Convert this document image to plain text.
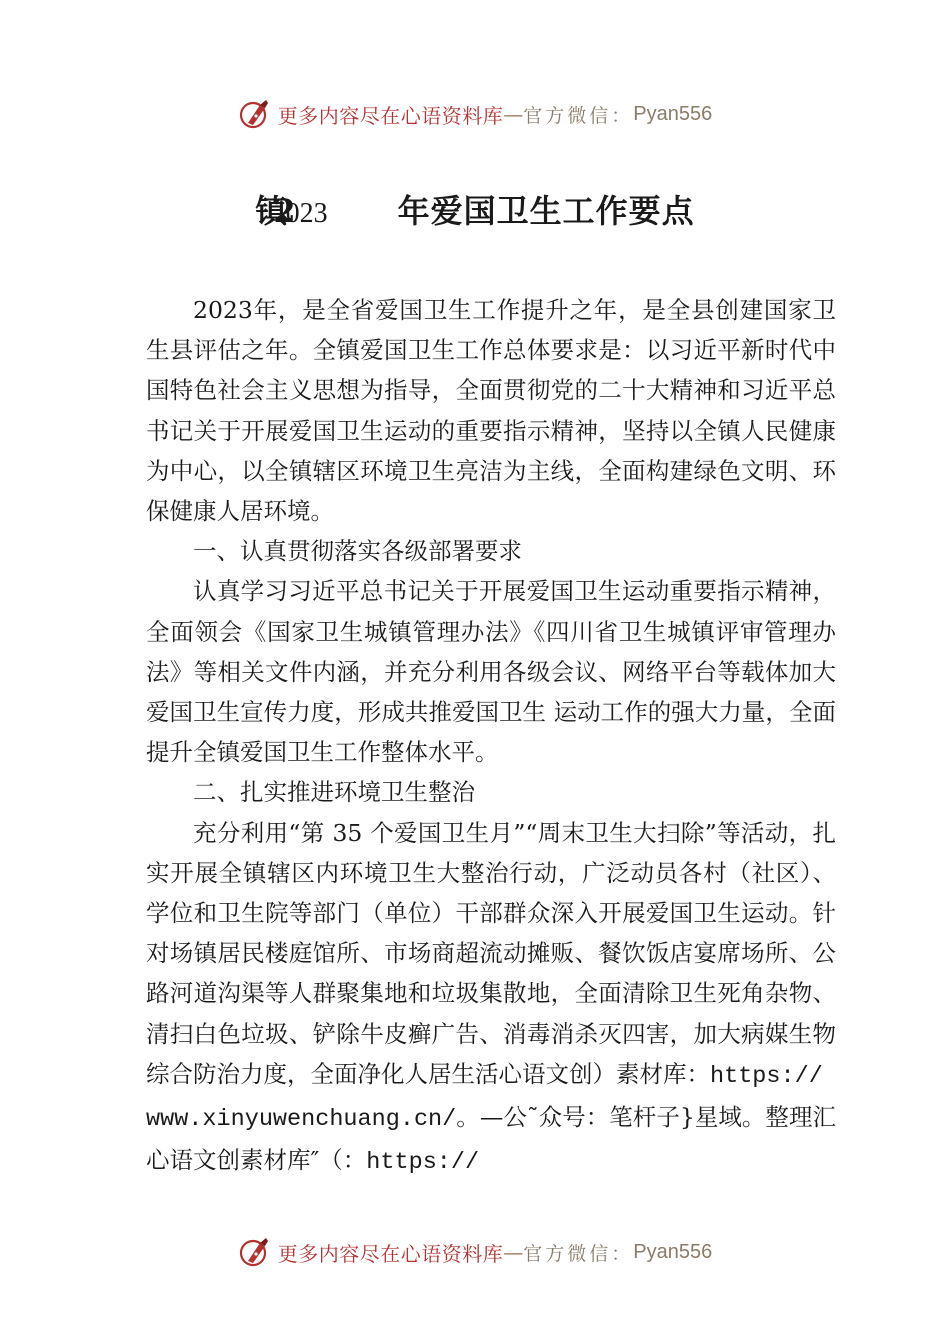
更多内容尽在心语资料库 — 官方微信： Pyan556
镇2 023 年爱国卫生工作要点

2023年，是全省爱国卫生工作提升之年，是全县创建国家卫生县评估之年。全镇爱国卫生工作总体要求是：以习近平新时代中国特色社会主义思想为指导，全面贯彻党的二十大精神和习近平总书记关于开展爱国卫生运动的重要指示精神，坚持以全镇人民健康为中心，以全镇辖区环境卫生亮洁为主线，全面构建绿色文明、环保健康人居环境。

一、认真贯彻落实各级部署要求

认真学习习近平总书记关于开展爱国卫生运动重要指示精神，全面领会《国家卫生城镇管理办法》《四川省卫生城镇评审管理办法》等相关文件内涵，并充分利用各级会议、网络平台等载体加大爱国卫生宣传力度，形成共推爱国卫生 运动工作的强大力量，全面提升全镇爱国卫生工作整体水平。

二、扎实推进环境卫生整治

充分利用“第 35 个爱国卫生月”“周末卫生大扫除”等活动，扎实开展全镇辖区内环境卫生大整治行动，广泛动员各村（社区）、学位和卫生院等部门（单位）干部群众深入开展爱国卫生运动。针对场镇居民楼庭馆所、市场商超流动摊贩、餐饮饭店宴席场所、公路河道沟渠等人群聚集地和垃圾集散地，全面清除卫生死角杂物、清扫白色垃圾、铲除牛皮癣广告、消毒消杀灭四害，加大病媒生物综合防治力度，全面净化人居生活心语文创）素材库：https://
www.xinyuwenchuang.cn/。—公˜众号：笔杆子}星域。整理汇心语文创素材库″（：https://

更多内容尽在心语资料库 — 官方微信： Pyan556
